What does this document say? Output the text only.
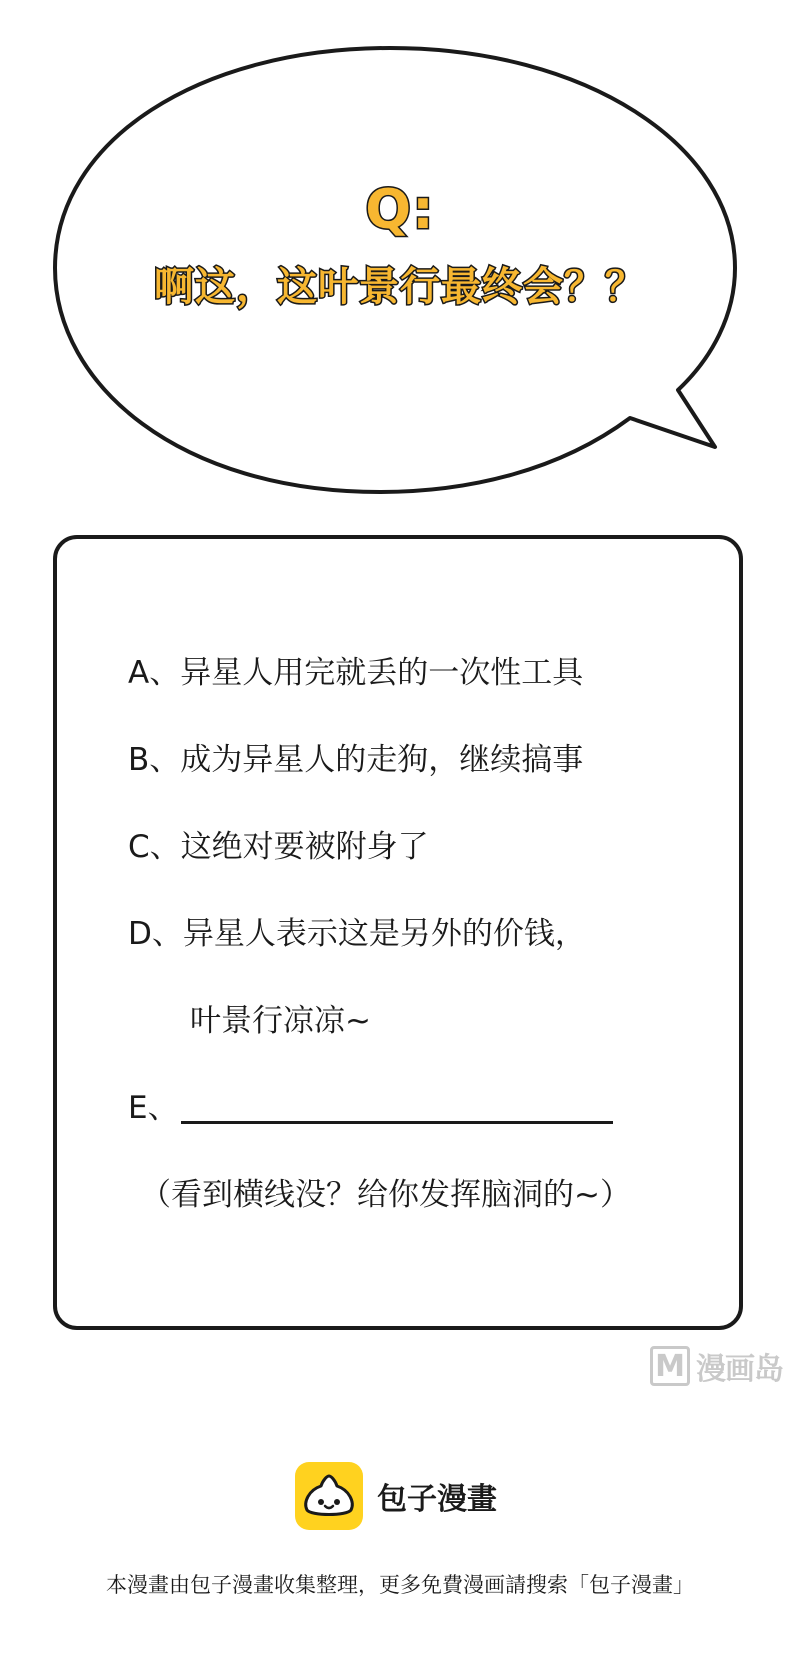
Q:
啊这，这叶景行最终会？？
A、异星人用完就丢的一次性工具
B、成为异星人的走狗，继续搞事
C、这绝对要被附身了
D、异星人表示这是另外的价钱，
叶景行凉凉~
E、
（看到横线没？给你发挥脑洞的~）
M 漫画岛
包子漫畫
本漫畫由包子漫畫收集整理，更多免費漫画請搜索「包子漫畫」
